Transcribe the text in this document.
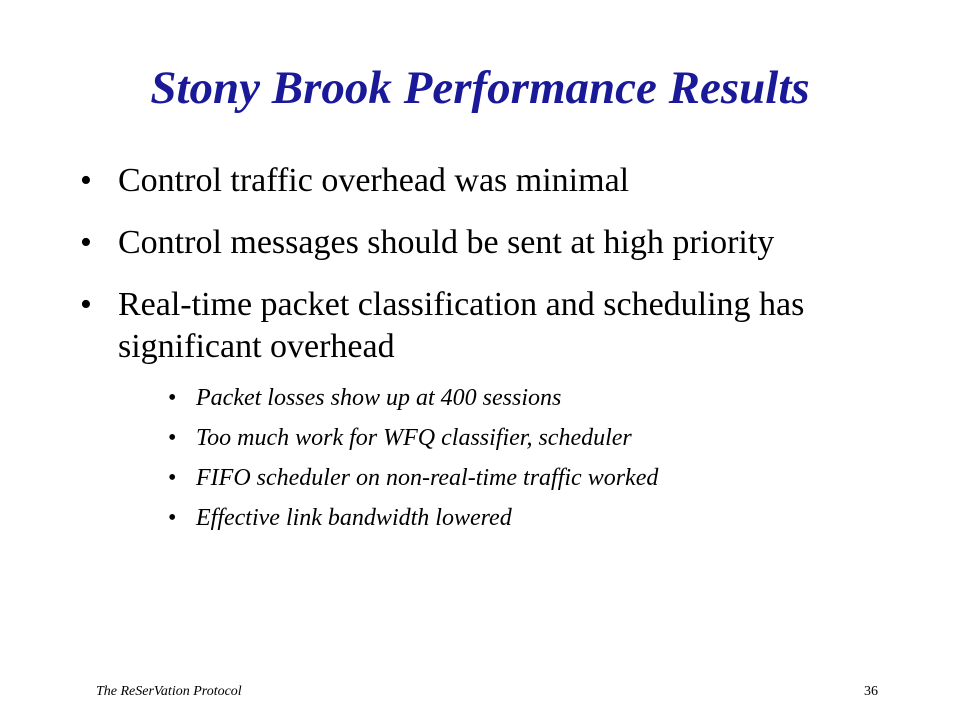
Stony Brook Performance Results
• Control traffic overhead was minimal
• Control messages should be sent at high priority
• Real-time packet classification and scheduling has significant overhead
• Packet losses show up at 400 sessions
• Too much work for WFQ classifier, scheduler
• FIFO scheduler on non-real-time traffic worked
• Effective link bandwidth lowered
The ReSerVation Protocol	36
